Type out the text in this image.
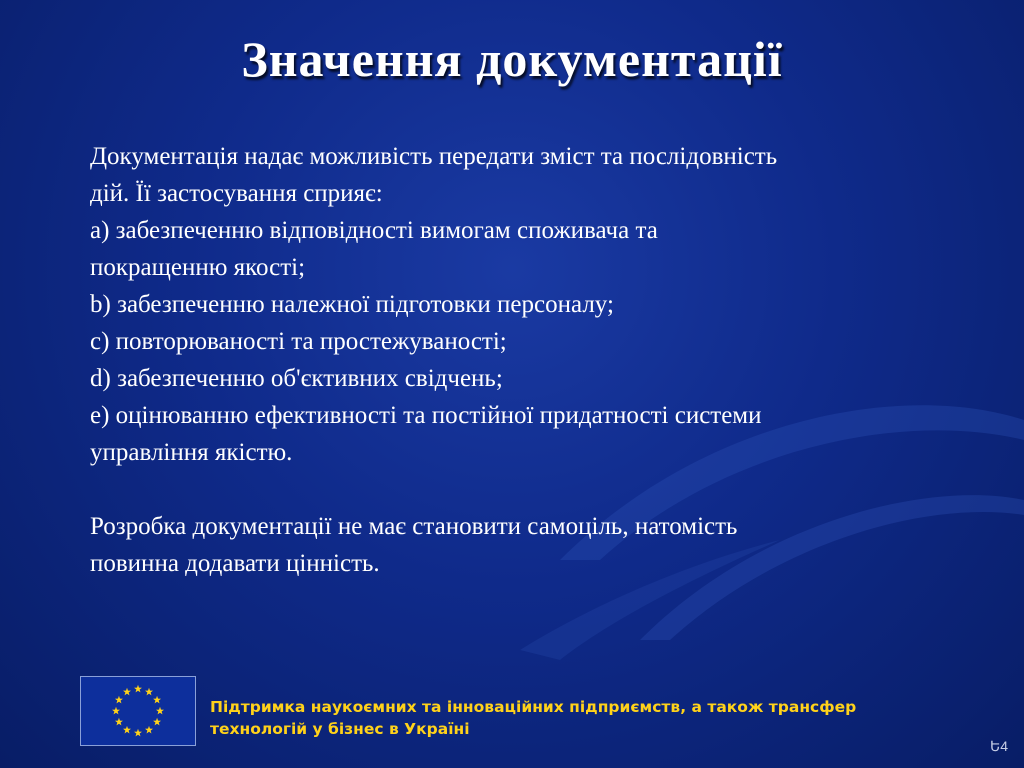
Значення документації
Документація надає можливість передати зміст та послідовність
дій. Її застосування сприяє:
a) забезпеченню відповідності вимогам споживача та
покращенню якості;
b) забезпеченню належної підготовки персоналу;
c) повторюваності та простежуваності;
d) забезпеченню об'єктивних свідчень;
e) оцінюванню ефективності та постійної придатності системи
управління якістю.
Розробка документації не має становити самоціль, натомість
повинна додавати цінність.
Підтримка наукоємних та інноваційних підприємств, а також трансфер
технологій у бізнес в Україні
Ե4
